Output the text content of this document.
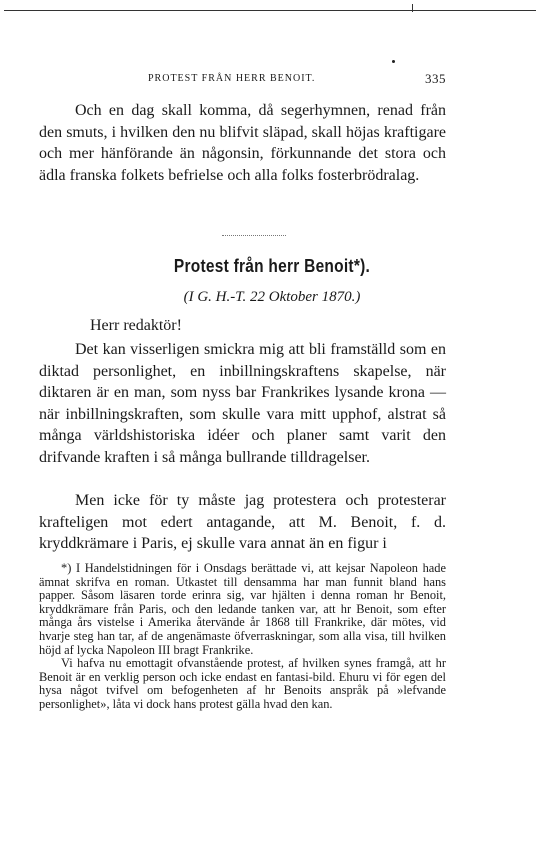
PROTEST FRÅN HERR BENOIT.	335

Och en dag skall komma, då segerhymnen, renad från den smuts, i hvilken den nu blifvit släpad, skall höjas kraftigare och mer hänförande än någonsin, förkunnande det stora och ädla franska folkets befrielse och alla folks fosterbrödralag.

Protest från herr Benoit*).
(I G. H.-T. 22 Oktober 1870.)
Herr redaktör!

Det kan visserligen smickra mig att bli framställd som en diktad personlighet, en inbillningskraftens skapelse, när diktaren är en man, som nyss bar Frankrikes lysande krona — när inbillningskraften, som skulle vara mitt upphof, alstrat så många världshistoriska idéer och planer samt varit den drifvande kraften i så många bullrande tilldragelser.

Men icke för ty måste jag protestera och protesterar krafteligen mot edert antagande, att M. Benoit, f. d. kryddkrämare i Paris, ej skulle vara annat än en figur i

*) I Handelstidningen för i Onsdags berättade vi, att kejsar Napoleon hade ämnat skrifva en roman. Utkastet till densamma har man funnit bland hans papper. Såsom läsaren torde erinra sig, var hjälten i denna roman hr Benoit, kryddkrämare från Paris, och den ledande tanken var, att hr Benoit, som efter många års vistelse i Amerika återvände år 1868 till Frankrike, där mötes, vid hvarje steg han tar, af de angenämaste öfverraskningar, som alla visa, till hvilken höjd af lycka Napoleon III bragt Frankrike.

Vi hafva nu emottagit ofvanstående protest, af hvilken synes framgå, att hr Benoit är en verklig person och icke endast en fantasi-bild. Ehuru vi för egen del hysa något tvifvel om befogenheten af hr Benoits anspråk på »lefvande personlighet», låta vi dock hans protest gälla hvad den kan.
